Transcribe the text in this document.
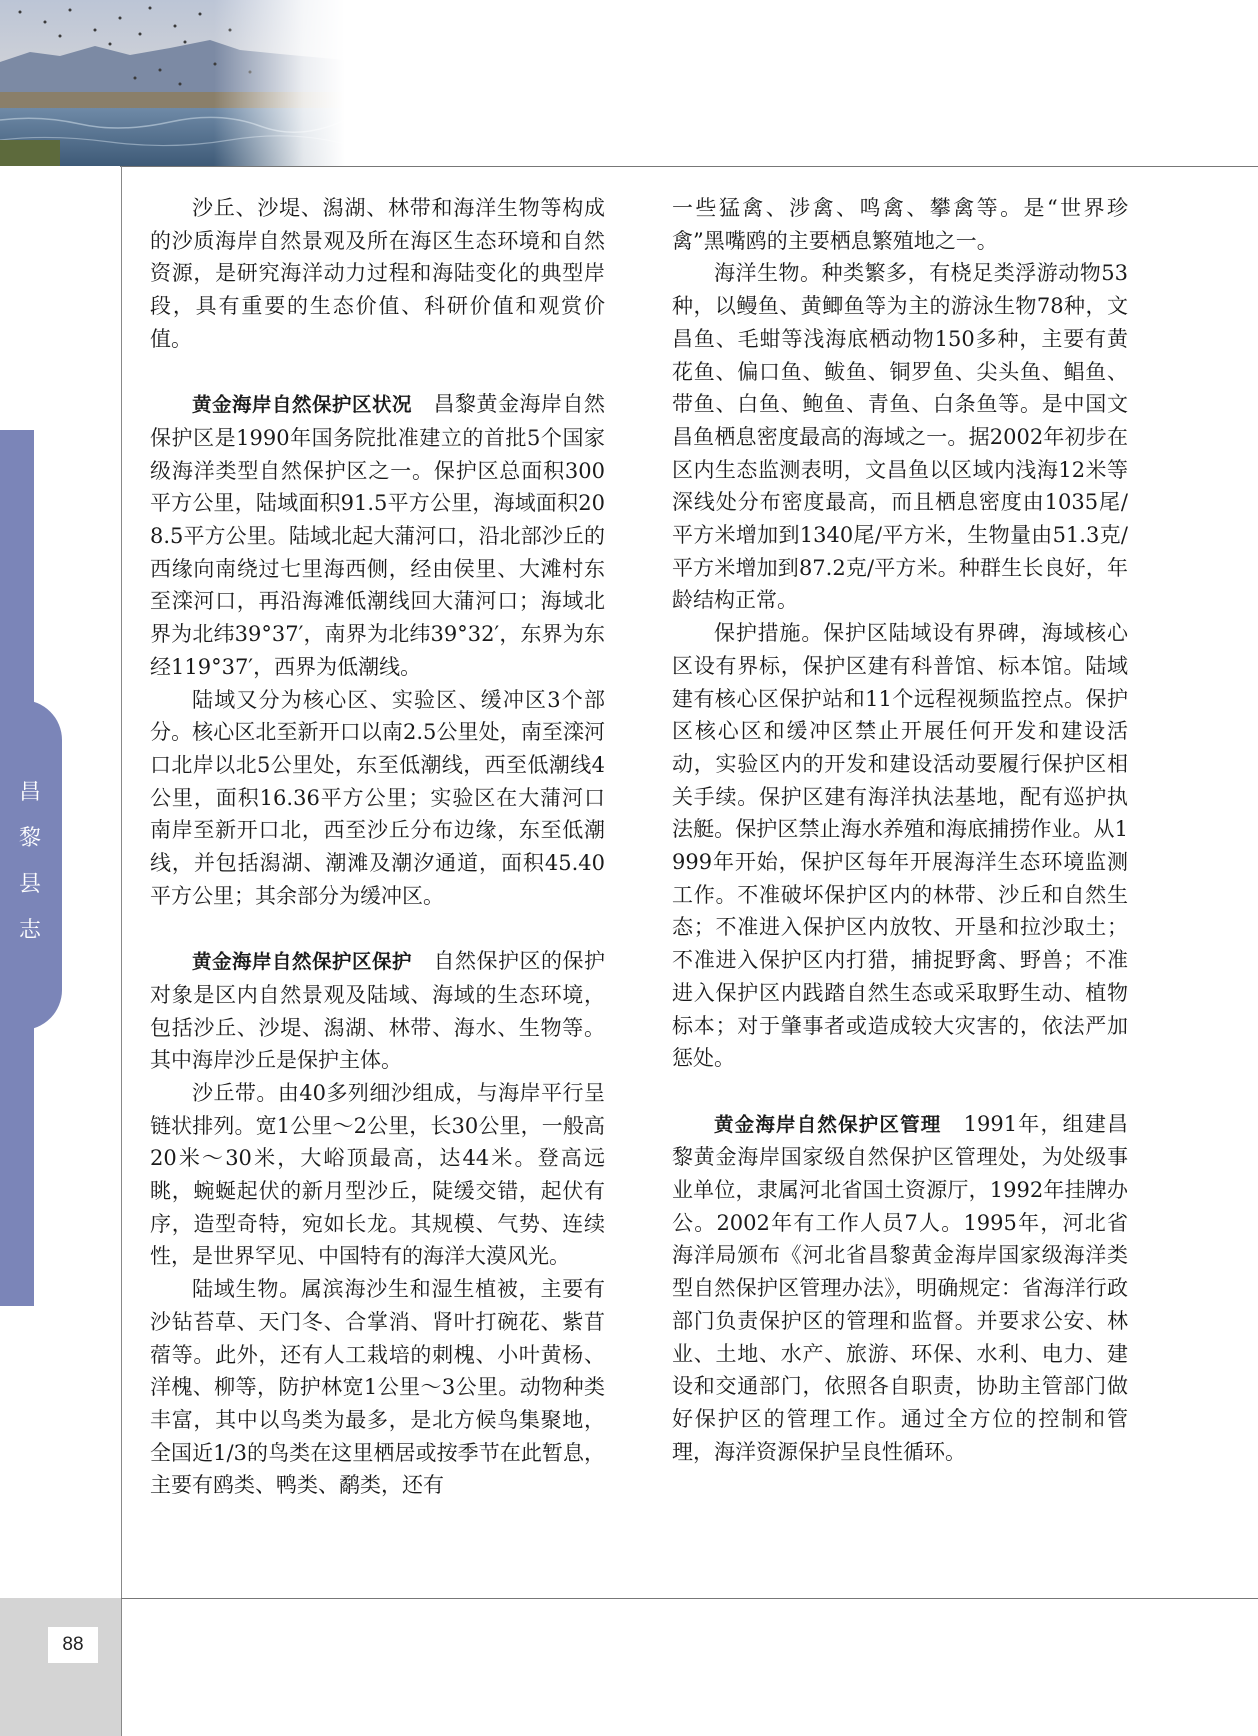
昌
黎
县
志
88

沙丘、沙堤、潟湖、林带和海洋生物等构成的沙质海岸自然景观及所在海区生态环境和自然资源，是研究海洋动力过程和海陆变化的典型岸段，具有重要的生态价值、科研价值和观赏价值。

黄金海岸自然保护区状况　 昌黎黄金海岸自然保护区是1990年国务院批准建立的首批5个国家级海洋类型自然保护区之一。保护区总面积300平方公里，陆域面积91.5平方公里，海域面积208.5平方公里。陆域北起大蒲河口，沿北部沙丘的西缘向南绕过七里海西侧，经由侯里、大滩村东至滦河口，再沿海滩低潮线回大蒲河口；海域北界为北纬39°37′，南界为北纬39°32′，东界为东经119°37′，西界为低潮线。

陆域又分为核心区、实验区、缓冲区3个部分。核心区北至新开口以南2.5公里处，南至滦河口北岸以北5公里处，东至低潮线，西至低潮线4公里，面积16.36平方公里；实验区在大蒲河口南岸至新开口北，西至沙丘分布边缘，东至低潮线，并包括潟湖、潮滩及潮汐通道，面积45.40平方公里；其余部分为缓冲区。

黄金海岸自然保护区保护　 自然保护区的保护对象是区内自然景观及陆域、海域的生态环境，包括沙丘、沙堤、潟湖、林带、海水、生物等。其中海岸沙丘是保护主体。

沙丘带。由40多列细沙组成，与海岸平行呈链状排列。宽1公里～2公里，长30公里，一般高20米～30米，大峪顶最高，达44米。登高远眺，蜿蜒起伏的新月型沙丘，陡缓交错，起伏有序，造型奇特，宛如长龙。其规模、气势、连续性，是世界罕见、中国特有的海洋大漠风光。

陆域生物。属滨海沙生和湿生植被，主要有沙钻苔草、天门冬、合掌消、肾叶打碗花、紫苜蓿等。此外，还有人工栽培的刺槐、小叶黄杨、洋槐、柳等，防护林宽1公里～3公里。动物种类丰富，其中以鸟类为最多，是北方候鸟集聚地，全国近1/3的鸟类在这里栖居或按季节在此暂息，主要有鸥类、鸭类、鹬类，还有

一些猛禽、涉禽、鸣禽、攀禽等。是“世界珍禽”黑嘴鸥的主要栖息繁殖地之一。

海洋生物。种类繁多，有桡足类浮游动物53种，以鳗鱼、黄鲫鱼等为主的游泳生物78种，文昌鱼、毛蚶等浅海底栖动物150多种，主要有黄花鱼、偏口鱼、鲅鱼、铜罗鱼、尖头鱼、鲳鱼、带鱼、白鱼、鲍鱼、青鱼、白条鱼等。是中国文昌鱼栖息密度最高的海域之一。据2002年初步在区内生态监测表明，文昌鱼以区域内浅海12米等深线处分布密度最高，而且栖息密度由1035尾/平方米增加到1340尾/平方米，生物量由51.3克/平方米增加到87.2克/平方米。种群生长良好，年龄结构正常。

保护措施。保护区陆域设有界碑，海域核心区设有界标，保护区建有科普馆、标本馆。陆域建有核心区保护站和11个远程视频监控点。保护区核心区和缓冲区禁止开展任何开发和建设活动，实验区内的开发和建设活动要履行保护区相关手续。保护区建有海洋执法基地，配有巡护执法艇。保护区禁止海水养殖和海底捕捞作业。从1999年开始，保护区每年开展海洋生态环境监测工作。不准破坏保护区内的林带、沙丘和自然生态；不准进入保护区内放牧、开垦和拉沙取土；不准进入保护区内打猎，捕捉野禽、野兽；不准进入保护区内践踏自然生态或采取野生动、植物标本；对于肇事者或造成较大灾害的，依法严加惩处。

黄金海岸自然保护区管理　 1991年，组建昌黎黄金海岸国家级自然保护区管理处，为处级事业单位，隶属河北省国土资源厅，1992年挂牌办公。2002年有工作人员7人。1995年，河北省海洋局颁布《河北省昌黎黄金海岸国家级海洋类型自然保护区管理办法》，明确规定：省海洋行政部门负责保护区的管理和监督。并要求公安、林业、土地、水产、旅游、环保、水利、电力、建设和交通部门，依照各自职责，协助主管部门做好保护区的管理工作。通过全方位的控制和管理，海洋资源保护呈良性循环。
